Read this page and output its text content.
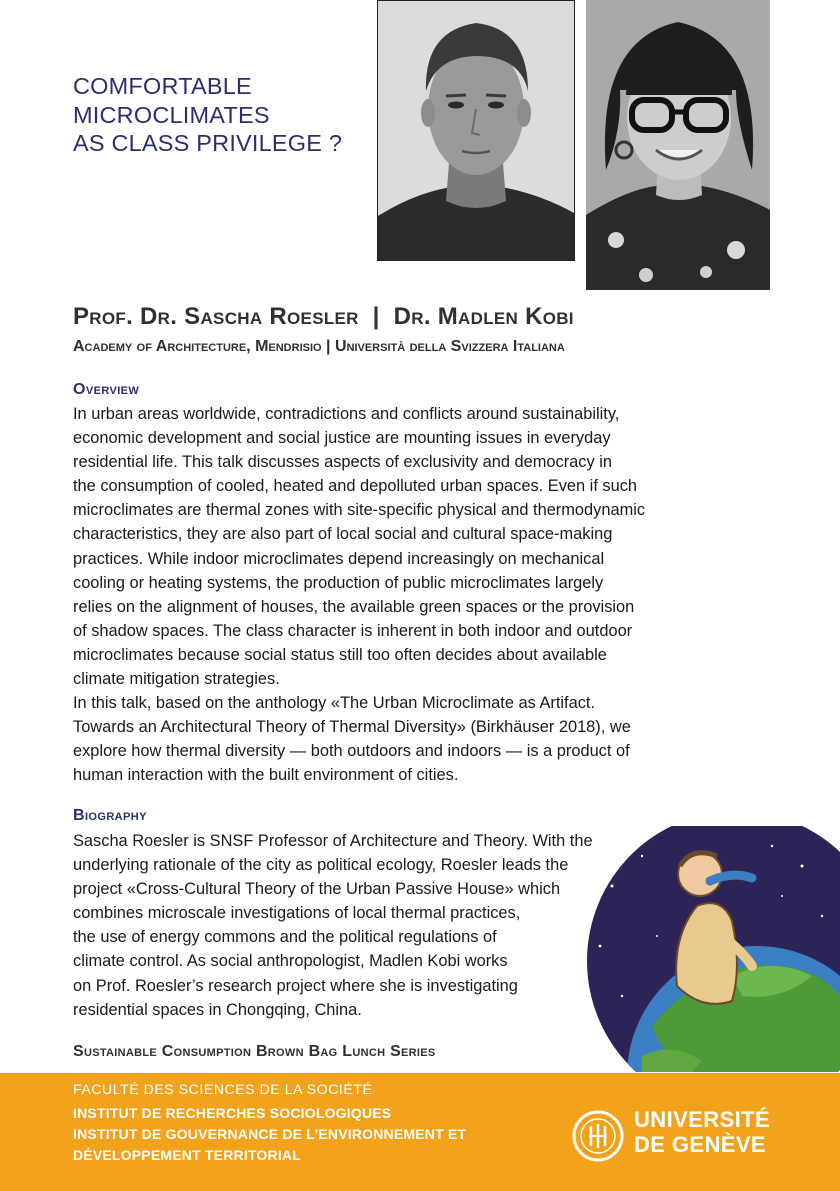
COMFORTABLE
MICROCLIMATES
AS CLASS PRIVILEGE ?
Prof. Dr. Sascha Roesler  |  Dr. Madlen Kobi
Academy of Architecture, Mendrisio | Università della Svizzera Italiana
Overview
In urban areas worldwide, contradictions and conflicts around sustainability,
economic development and social justice are mounting issues in everyday
residential life. This talk discusses aspects of exclusivity and democracy in
the consumption of cooled, heated and depolluted urban spaces. Even if such
microclimates are thermal zones with site-specific physical and thermodynamic
characteristics, they are also part of local social and cultural space-making
practices. While indoor microclimates depend increasingly on mechanical
cooling or heating systems, the production of public microclimates largely
relies on the alignment of houses, the available green spaces or the provision
of shadow spaces. The class character is inherent in both indoor and outdoor
microclimates because social status still too often decides about available
climate mitigation strategies.
In this talk, based on the anthology «The Urban Microclimate as Artifact.
Towards an Architectural Theory of Thermal Diversity» (Birkhäuser 2018), we
explore how thermal diversity — both outdoors and indoors — is a product of
human interaction with the built environment of cities.
Biography
Sascha Roesler is SNSF Professor of Architecture and Theory. With the
underlying rationale of the city as political ecology, Roesler leads the
project «Cross-Cultural Theory of the Urban Passive House» which
combines microscale investigations of local thermal practices,
the use of energy commons and the political regulations of
climate control. As social anthropologist, Madlen Kobi works
on Prof. Roesler’s research project where she is investigating
residential spaces in Chongqing, China.
Sustainable Consumption Brown Bag Lunch Series
FACULTÉ DES SCIENCES DE LA SOCIÉTÉ
INSTITUT DE RECHERCHES SOCIOLOGIQUES
INSTITUT DE GOUVERNANCE DE L’ENVIRONNEMENT ET
DÉVELOPPEMENT TERRITORIAL
UNIVERSITÉ
DE GENÈVE
